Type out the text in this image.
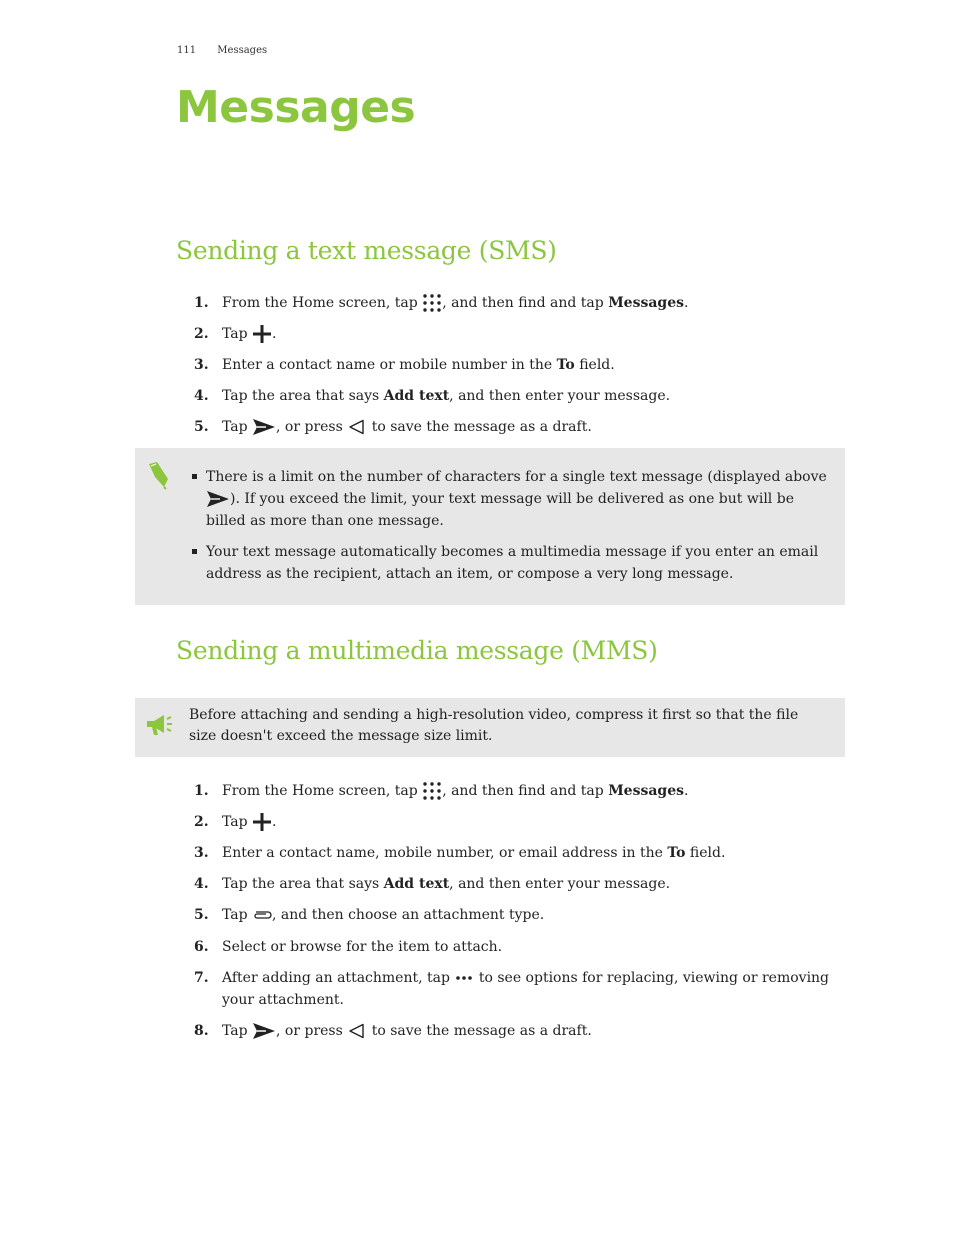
111 Messages
Messages
Sending a text message (SMS)
1. From the Home screen, tap , and then find and tap Messages.
2. Tap .
3. Enter a contact name or mobile number in the To field.
4. Tap the area that says Add text, and then enter your message.
5. Tap , or press  to save the message as a draft.
There is a limit on the number of characters for a single text message (displayed above ). If you exceed the limit, your text message will be delivered as one but will be billed as more than one message.
Your text message automatically becomes a multimedia message if you enter an email address as the recipient, attach an item, or compose a very long message.
Sending a multimedia message (MMS)

Before attaching and sending a high-resolution video, compress it first so that the file size doesn't exceed the message size limit.

1. From the Home screen, tap , and then find and tap Messages.
2. Tap .
3. Enter a contact name, mobile number, or email address in the To field.
4. Tap the area that says Add text, and then enter your message.
5. Tap , and then choose an attachment type.
6. Select or browse for the item to attach.
7. After adding an attachment, tap  to see options for replacing, viewing or removing your attachment.
8. Tap , or press  to save the message as a draft.
